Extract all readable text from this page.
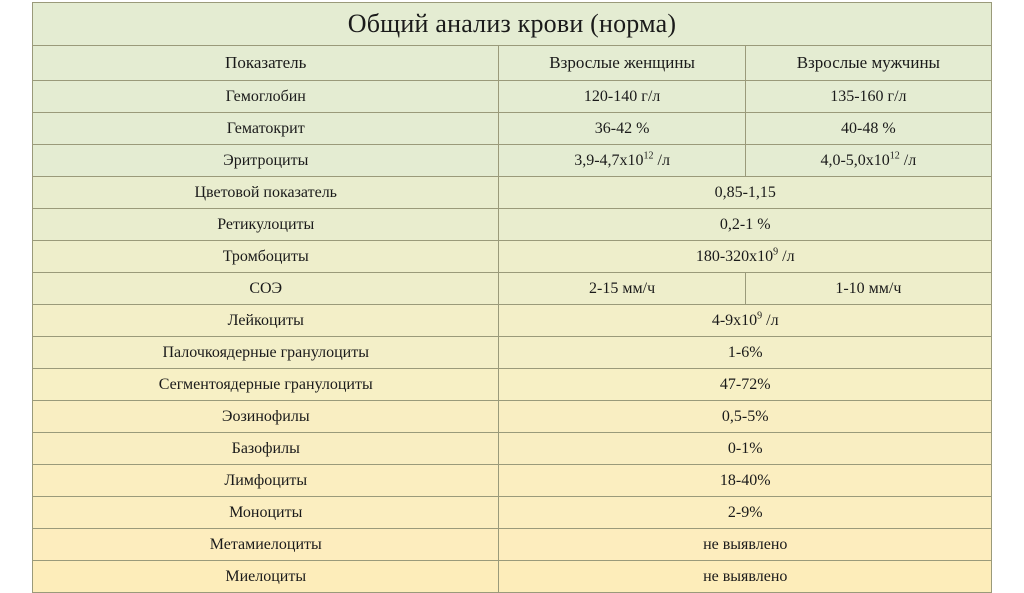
Общий анализ крови (норма)		
Показатель	Взрослые женщины	Взрослые мужчины
Гемоглобин	120-140 г/л	135-160 г/л
Гематокрит	36-42 %	40-48 %
Эритроциты	$3,9-4,7х10^{12}$ /л	$4,0-5,0х10^{12}$ /л
Цветовой показатель	0,85-1,15	
Ретикулоциты	0,2-1 %	
Тромбоциты	$180-320х10^9$ /л	
СОЭ	2-15 мм/ч	1-10 мм/ч
Лейкоциты	$4-9х10^9$ /л	
Палочкоядерные гранулоциты	1-6%	
Сегментоядерные гранулоциты	47-72%	
Эозинофилы	0,5-5%	
Базофилы	0-1%	
Лимфоциты	18-40%	
Моноциты	2-9%	
Метамиелоциты	не выявлено	
Миелоциты	не выявлено	
